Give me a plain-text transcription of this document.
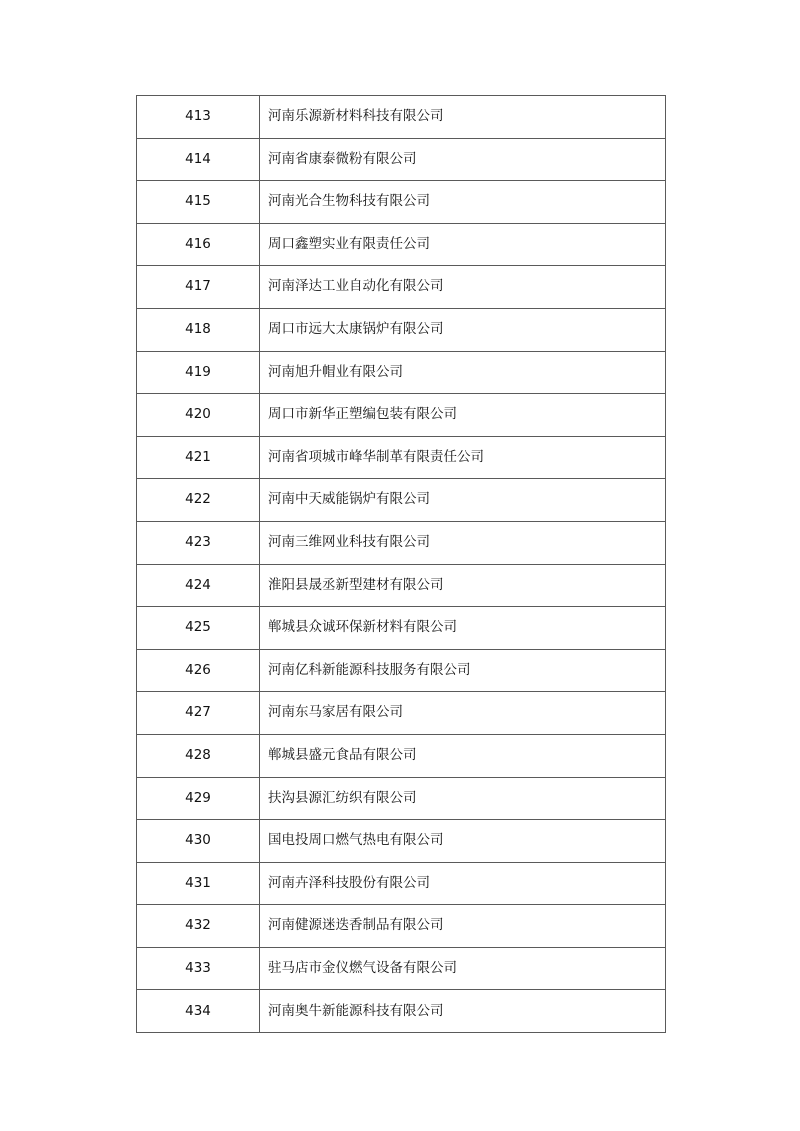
413	河南乐源新材料科技有限公司
414	河南省康泰微粉有限公司
415	河南光合生物科技有限公司
416	周口鑫塑实业有限责任公司
417	河南泽达工业自动化有限公司
418	周口市远大太康锅炉有限公司
419	河南旭升帽业有限公司
420	周口市新华正塑编包装有限公司
421	河南省项城市峰华制革有限责任公司
422	河南中天威能锅炉有限公司
423	河南三维网业科技有限公司
424	淮阳县晟丞新型建材有限公司
425	郸城县众诚环保新材料有限公司
426	河南亿科新能源科技服务有限公司
427	河南东马家居有限公司
428	郸城县盛元食品有限公司
429	扶沟县源汇纺织有限公司
430	国电投周口燃气热电有限公司
431	河南卉泽科技股份有限公司
432	河南健源迷迭香制品有限公司
433	驻马店市金仪燃气设备有限公司
434	河南奥牛新能源科技有限公司
